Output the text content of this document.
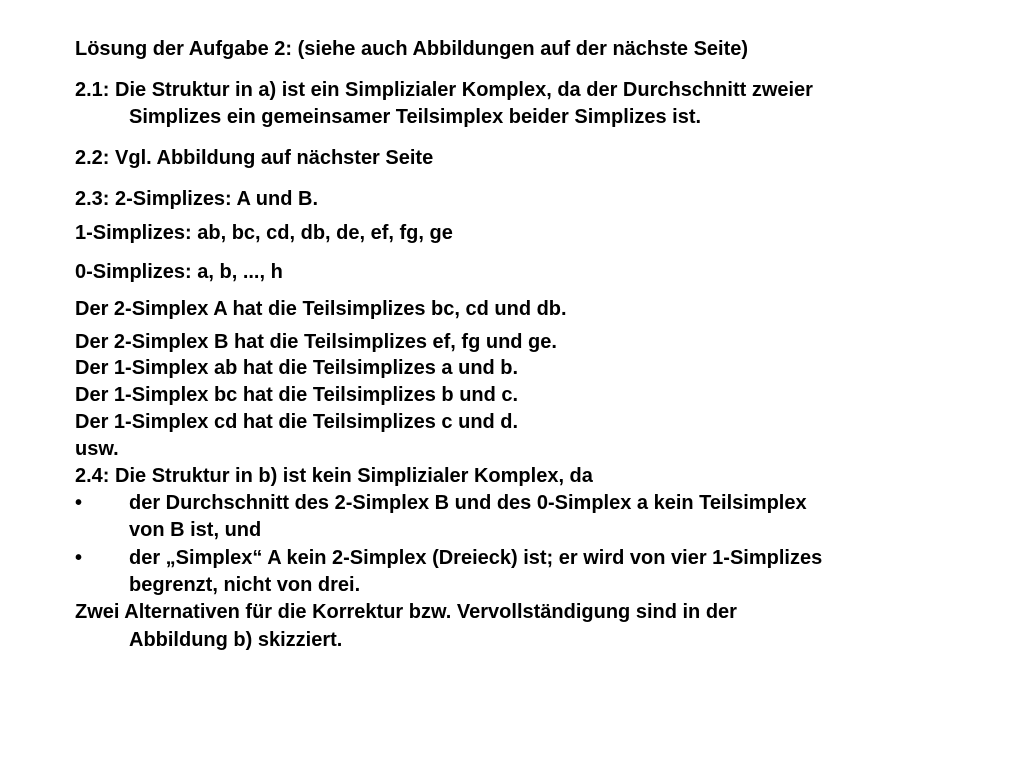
Lösung der Aufgabe 2: (siehe auch Abbildungen auf der nächste Seite)
2.1: Die Struktur in a) ist ein Simplizialer Komplex, da der Durchschnitt zweier
Simplizes ein gemeinsamer Teilsimplex beider Simplizes ist.
2.2: Vgl. Abbildung auf nächster Seite
2.3: 2-Simplizes: A und B.
1-Simplizes: ab, bc, cd, db, de, ef, fg, ge
0-Simplizes: a, b, ..., h
Der 2-Simplex A hat die Teilsimplizes bc, cd und db.
Der 2-Simplex B hat die Teilsimplizes ef, fg und ge.
Der 1-Simplex ab hat die Teilsimplizes a und b.
Der 1-Simplex bc hat die Teilsimplizes b und c.
Der 1-Simplex cd hat die Teilsimplizes c und d.
usw.
2.4: Die Struktur in b) ist kein Simplizialer Komplex, da
• der Durchschnitt des 2-Simplex B und des 0-Simplex a kein Teilsimplex
von B ist, und
• der „Simplex“ A kein 2-Simplex (Dreieck) ist; er wird von vier 1-Simplizes
begrenzt, nicht von drei.
Zwei Alternativen für die Korrektur bzw. Vervollständigung sind in der
Abbildung b) skizziert.
